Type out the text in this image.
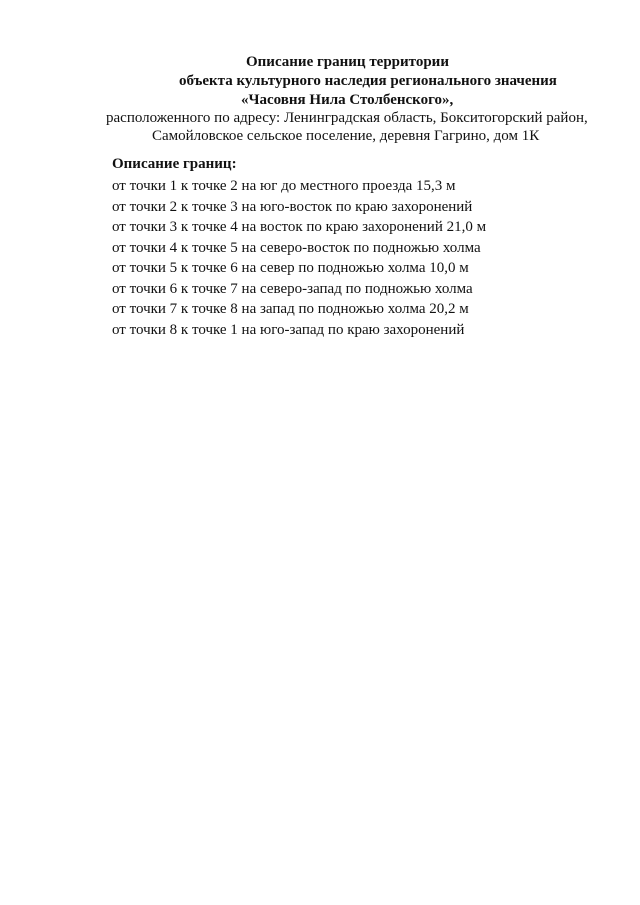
Описание границ территории
объекта культурного наследия регионального значения
«Часовня Нила Столбенского»,
расположенного по адресу: Ленинградская область, Бокситогорский район,
Самойловское сельское поселение, деревня Гагрино, дом 1К
Описание границ:
от точки 1 к точке 2 на юг до местного проезда 15,3 м
от точки 2 к точке 3 на юго-восток по краю захоронений
от точки 3 к точке 4 на восток по краю захоронений 21,0 м
от точки 4 к точке 5 на северо-восток по подножью холма
от точки 5 к точке 6 на север по подножью холма 10,0 м
от точки 6 к точке 7 на северо-запад по подножью холма
от точки 7 к точке 8 на запад по подножью холма 20,2 м
от точки 8 к точке 1 на юго-запад по краю захоронений
